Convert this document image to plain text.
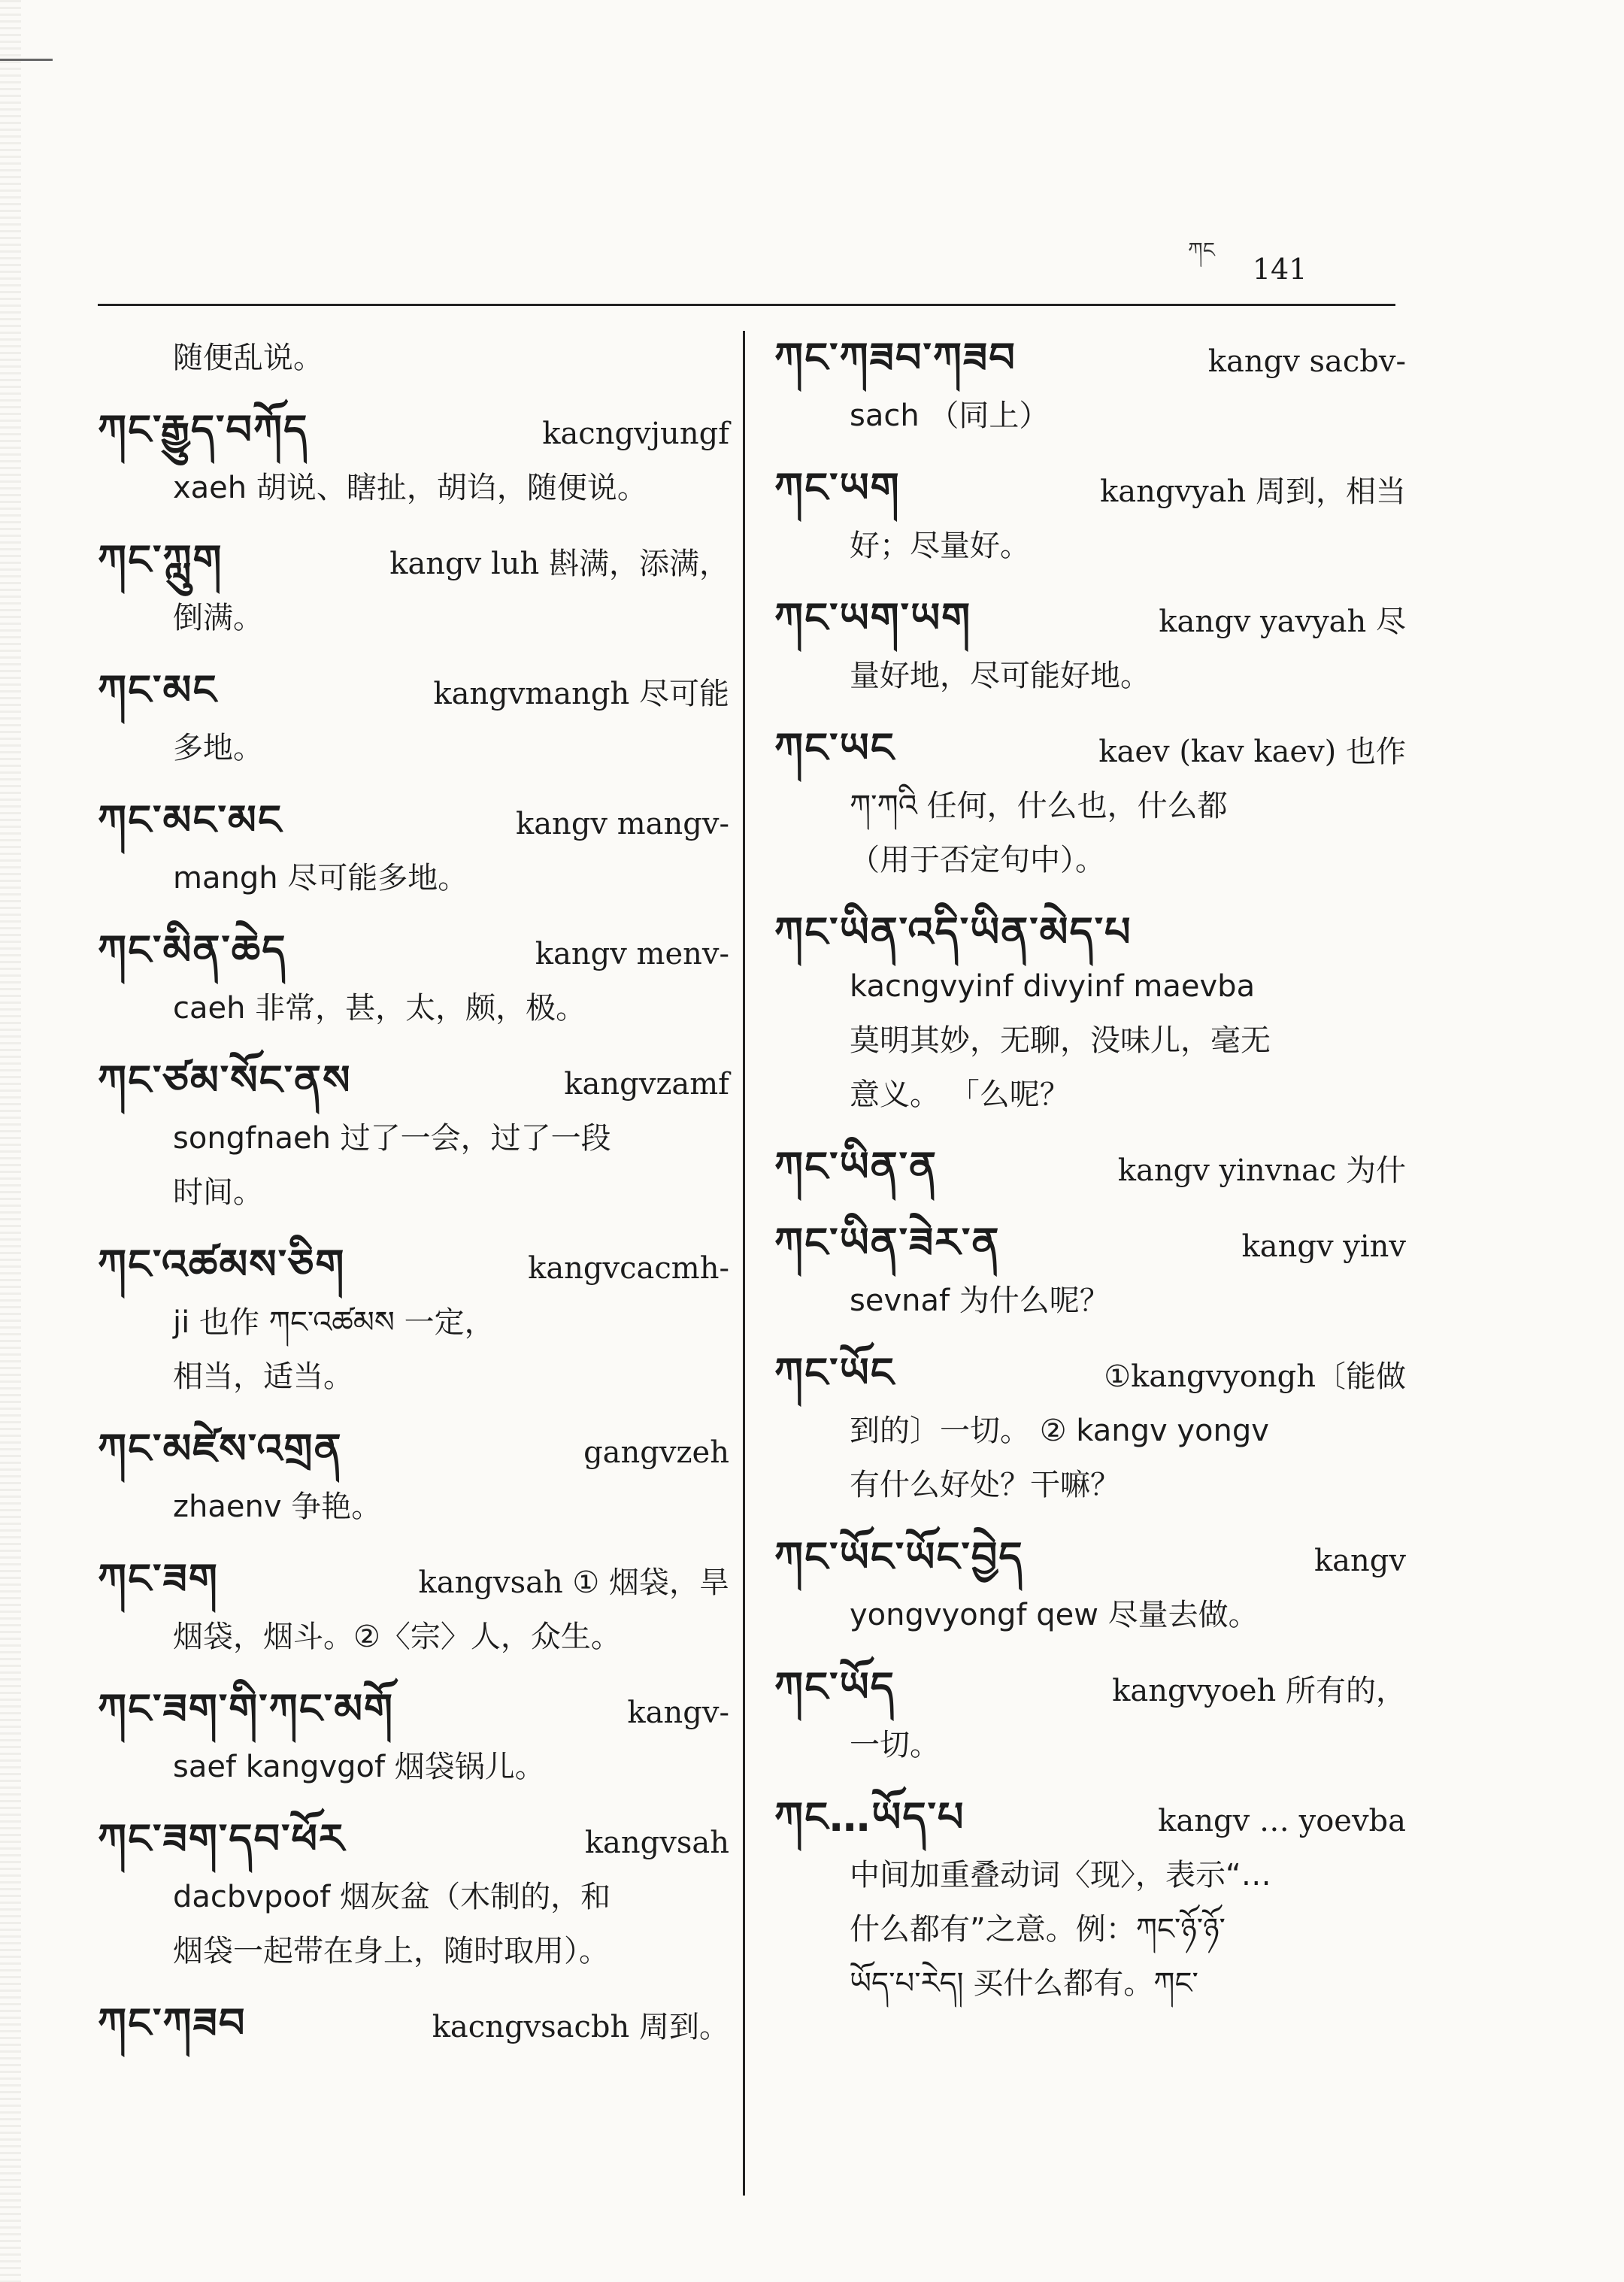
ཀང
141
随便乱说。
ཀང་རྒྱུད་བཀོད	kacngvjungf
xaeh 胡说、瞎扯，胡诌，随便说。
ཀང་ཀླུག	kangv luh 斟满，添满，
倒满。
ཀང་མང	kangvmangh 尽可能
多地。
ཀང་མང་མང	kangv mangv-
mangh 尽可能多地。
ཀང་མིན་ཆེད	kangv menv-
caeh 非常，甚，太，颇，极。
ཀང་ཙམ་སོང་ནས	kangvzamf
songfnaeh 过了一会，过了一段
时间。
ཀང་འཚམས་ཅིག	kangvcacmh-
ji 也作 ཀང་འཚམས 一定，
相当，适当。
ཀང་མཛེས་འགྲན	gangvzeh
zhaenv 争艳。
ཀང་ཟག	kangvsah ① 烟袋，旱
烟袋，烟斗。②〈宗〉人，众生。
ཀང་ཟག་གི་ཀང་མགོ	kangv-
saef kangvgof 烟袋锅儿。
ཀང་ཟག་དབ་ཕོར	kangvsah
dacbvpoof 烟灰盆（木制的，和
烟袋一起带在身上，随时取用）。
ཀང་ཀཟབ	kacngvsacbh 周到。
ཀང་ཀཟབ་ཀཟབ	kangv sacbv-
sach （同上）
ཀང་ཡག	kangvyah 周到，相当
好；尽量好。
ཀང་ཡག་ཡག	kangv yavyah 尽
量好地，尽可能好地。
ཀང་ཡང	kaev (kav kaev) 也作
ཀ་ཀའི 任何，什么也，什么都
（用于否定句中）。
ཀང་ཡིན་འདི་ཡིན་མེད་པ
kacngvyinf divyinf maevba
莫明其妙，无聊，没味儿，毫无
意义。 「么呢？
ཀང་ཡིན་ན	kangv yinvnac 为什
ཀང་ཡིན་ཟེར་ན	kangv yinv
sevnaf 为什么呢？
ཀང་ཡོང	①kangvyongh〔能做
到的〕一切。 ② kangv yongv
有什么好处？干嘛？
ཀང་ཡོང་ཡོང་བྱེད	kangv
yongvyongf qew 尽量去做。
ཀང་ཡོད	kangvyoeh 所有的，
一切。
ཀང…ཡོད་པ	kangv … yoevba
中间加重叠动词〈现〉，表示“…
什么都有”之意。例：ཀང་ཉོ་ཉོ་
ཡོད་པ་རེད། 买什么都有。ཀང་
